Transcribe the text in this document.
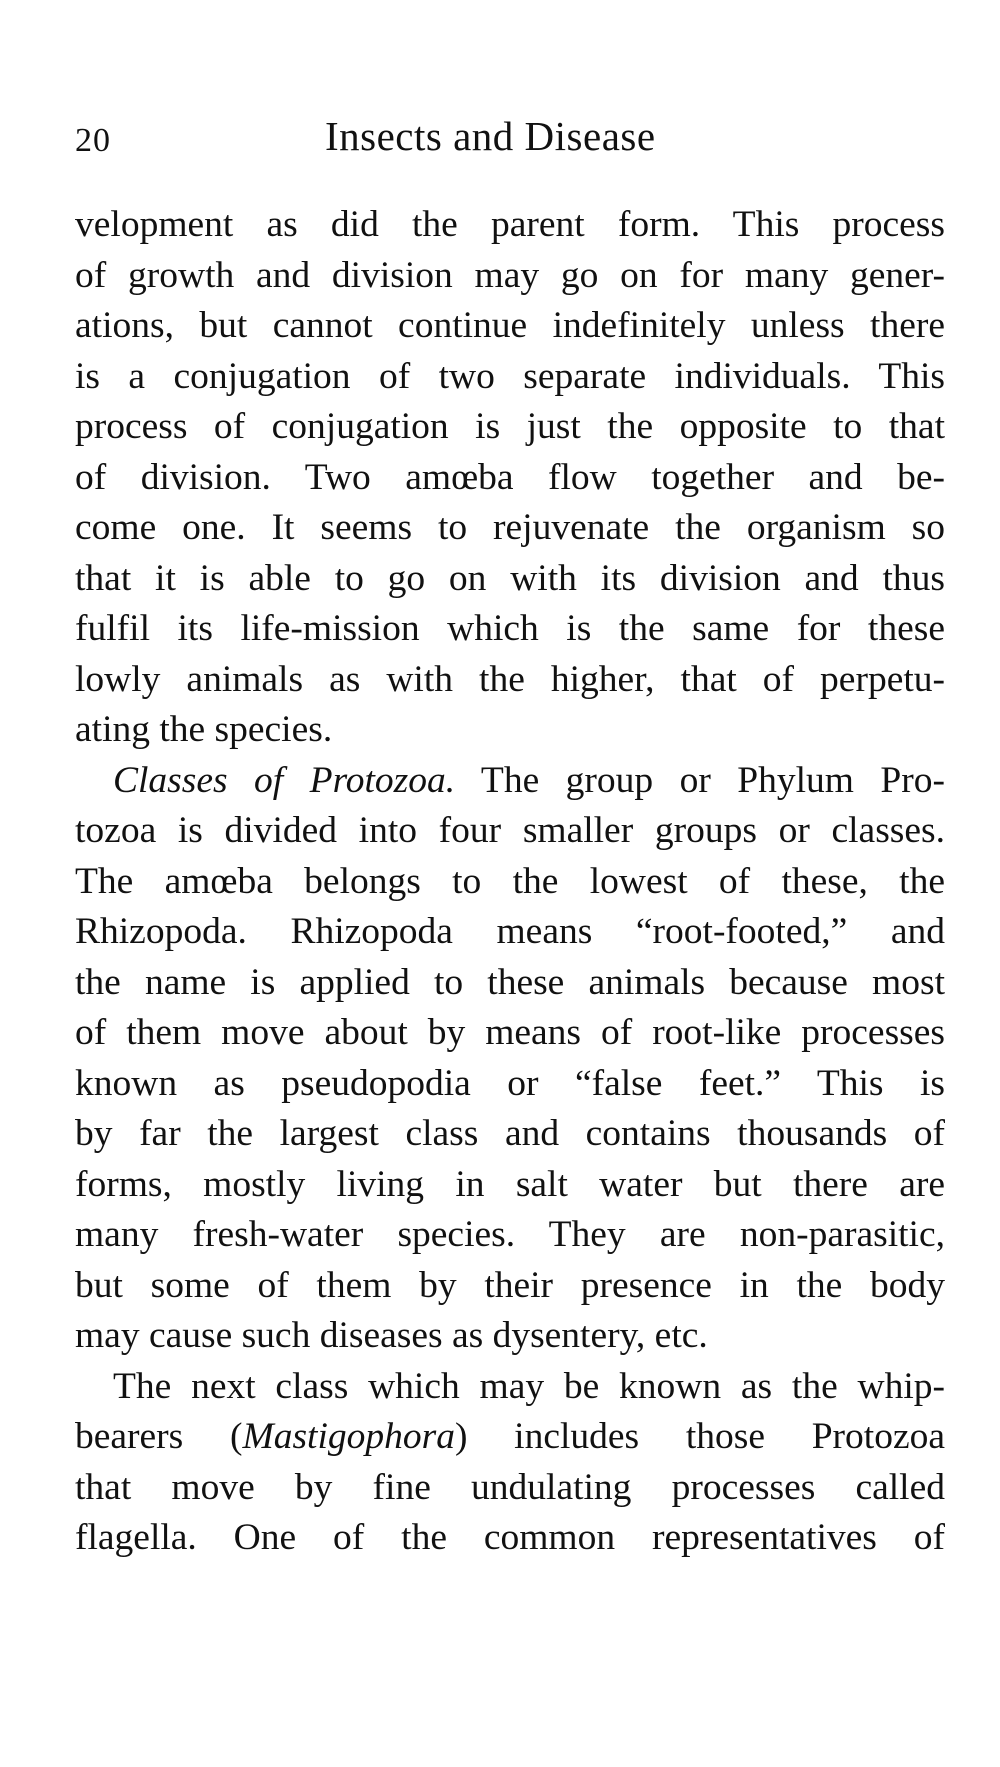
20	Insects and Disease
velopment as did the parent form. This process
of growth and division may go on for many gener-
ations, but cannot continue indefinitely unless there
is a conjugation of two separate individuals. This
process of conjugation is just the opposite to that
of division. Two amœba flow together and be-
come one. It seems to rejuvenate the organism so
that it is able to go on with its division and thus
fulfil its life-mission which is the same for these
lowly animals as with the higher, that of perpetu-
ating the species.
Classes of Protozoa. The group or Phylum Pro-
tozoa is divided into four smaller groups or classes.
The amœba belongs to the lowest of these, the
Rhizopoda. Rhizopoda means “root-footed,” and
the name is applied to these animals because most
of them move about by means of root-like processes
known as pseudopodia or “false feet.” This is
by far the largest class and contains thousands of
forms, mostly living in salt water but there are
many fresh-water species. They are non-parasitic,
but some of them by their presence in the body
may cause such diseases as dysentery, etc.
The next class which may be known as the whip-
bearers (Mastigophora) includes those Protozoa
that move by fine undulating processes called
flagella. One of the common representatives of
